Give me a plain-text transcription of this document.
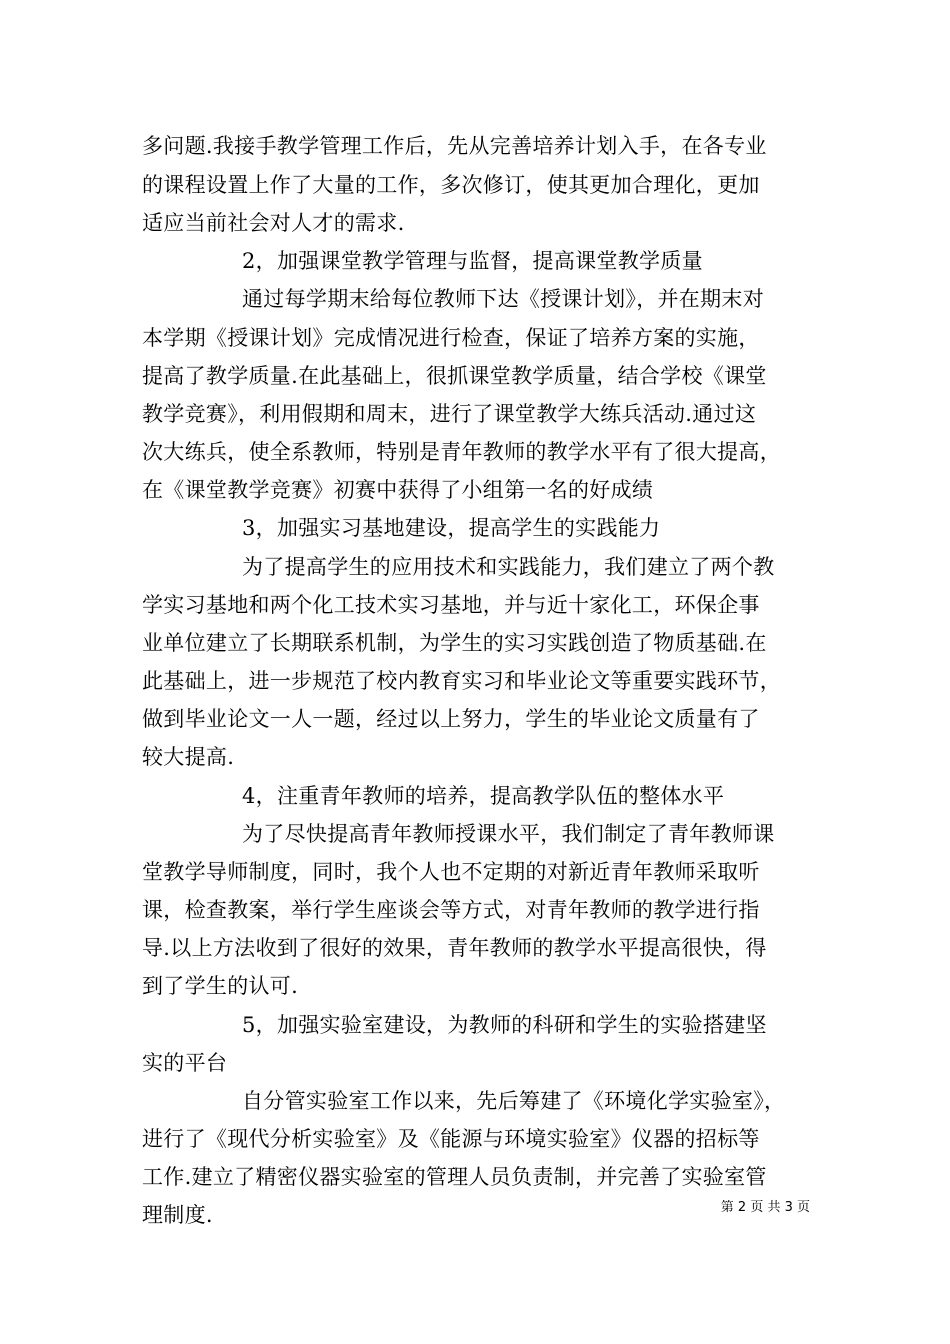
多问题.我接手教学管理工作后，先从完善培养计划入手，在各专业
的课程设置上作了大量的工作，多次修订，使其更加合理化，更加
适应当前社会对人才的需求.
2，加强课堂教学管理与监督，提高课堂教学质量
通过每学期末给每位教师下达《授课计划》，并在期末对
本学期《授课计划》完成情况进行检查，保证了培养方案的实施，
提高了教学质量.在此基础上，很抓课堂教学质量，结合学校《课堂
教学竞赛》，利用假期和周末，进行了课堂教学大练兵活动.通过这
次大练兵，使全系教师，特别是青年教师的教学水平有了很大提高，
在《课堂教学竞赛》初赛中获得了小组第一名的好成绩
3，加强实习基地建设，提高学生的实践能力
为了提高学生的应用技术和实践能力，我们建立了两个教
学实习基地和两个化工技术实习基地，并与近十家化工，环保企事
业单位建立了长期联系机制，为学生的实习实践创造了物质基础.在
此基础上，进一步规范了校内教育实习和毕业论文等重要实践环节，
做到毕业论文一人一题，经过以上努力，学生的毕业论文质量有了
较大提高.
4，注重青年教师的培养，提高教学队伍的整体水平
为了尽快提高青年教师授课水平，我们制定了青年教师课
堂教学导师制度，同时，我个人也不定期的对新近青年教师采取听
课，检查教案，举行学生座谈会等方式，对青年教师的教学进行指
导.以上方法收到了很好的效果，青年教师的教学水平提高很快，得
到了学生的认可.
5，加强实验室建设，为教师的科研和学生的实验搭建坚
实的平台
自分管实验室工作以来，先后筹建了《环境化学实验室》，
进行了《现代分析实验室》及《能源与环境实验室》仪器的招标等
工作.建立了精密仪器实验室的管理人员负责制，并完善了实验室管
理制度.	第 2 页 共 3 页
